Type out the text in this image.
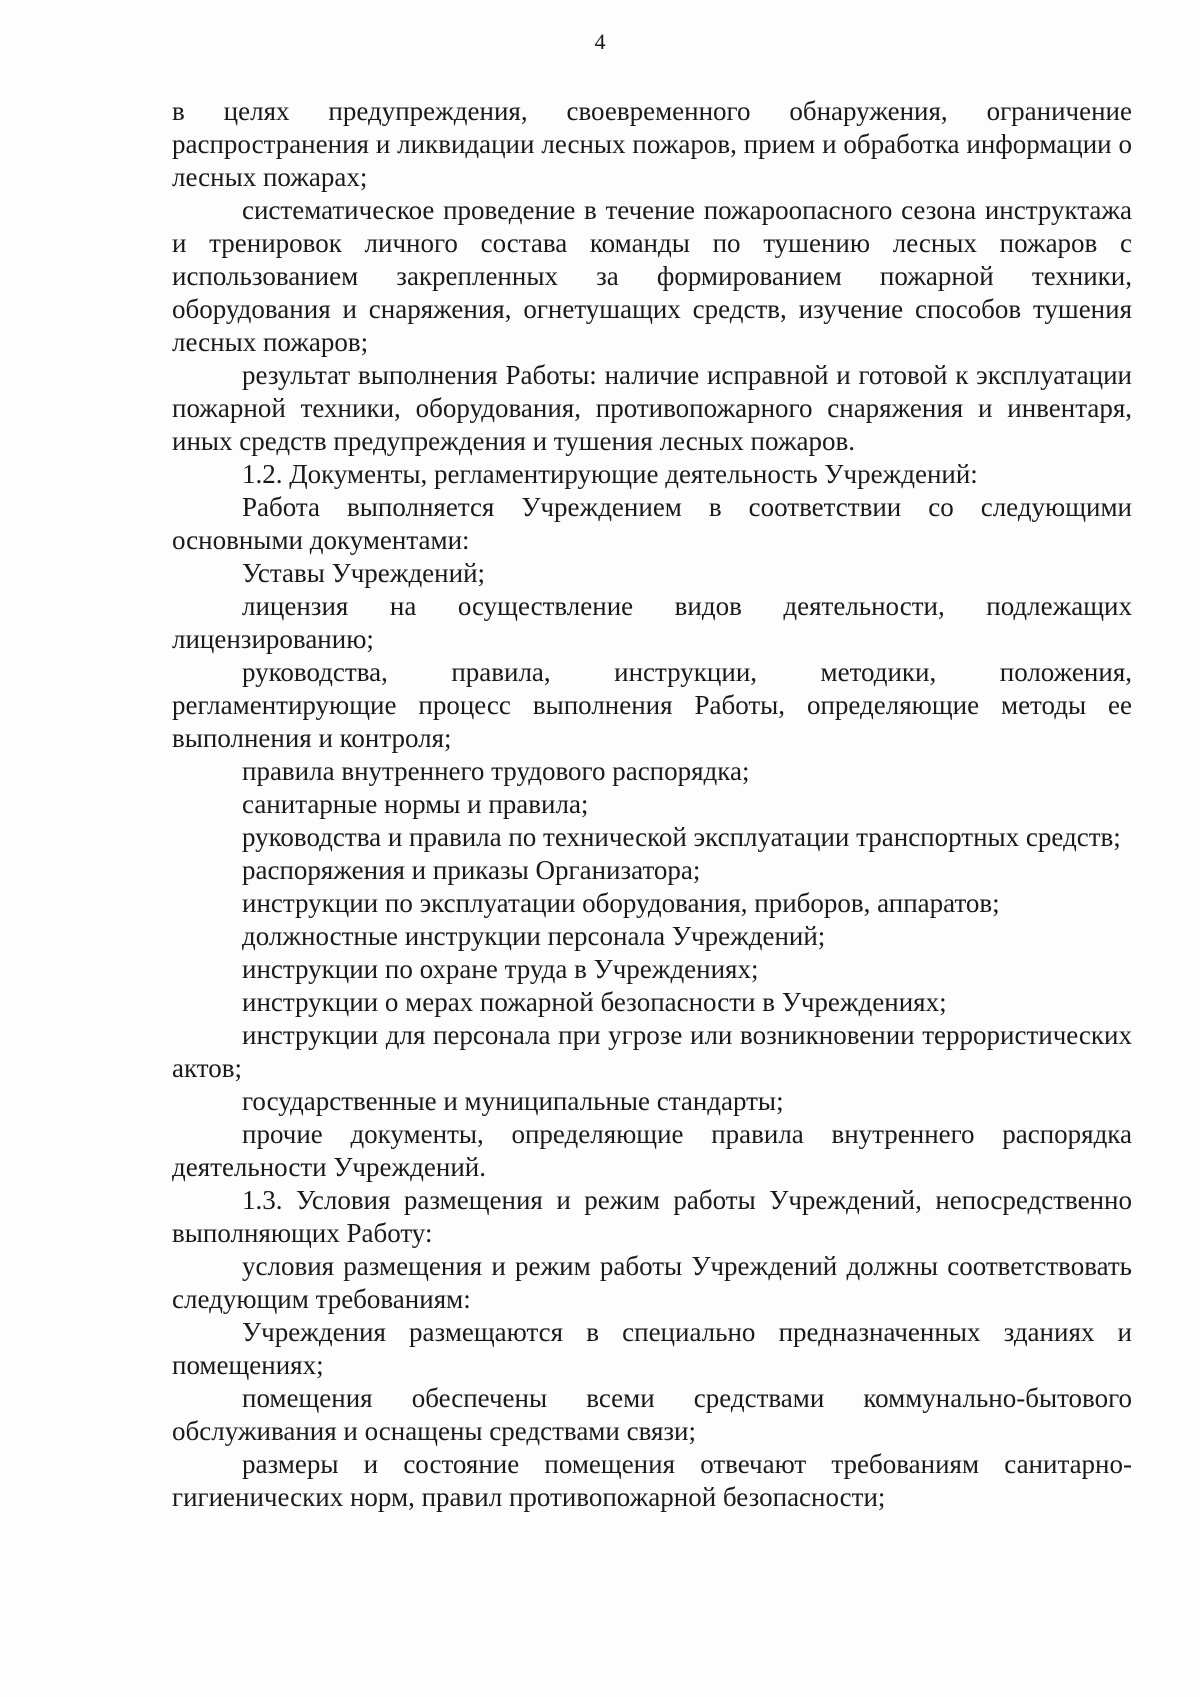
4

в целях предупреждения, своевременного обнаружения, ограничение распространения и ликвидации лесных пожаров, прием и обработка информации о лесных пожарах;

систематическое проведение в течение пожароопасного сезона инструктажа и тренировок личного состава команды по тушению лесных пожаров с использованием закрепленных за формированием пожарной техники, оборудования и снаряжения, огнетушащих средств, изучение способов тушения лесных пожаров;

результат выполнения Работы: наличие исправной и готовой к эксплуатации пожарной техники, оборудования, противопожарного снаряжения и инвентаря, иных средств предупреждения и тушения лесных пожаров.

1.2. Документы, регламентирующие деятельность Учреждений:

Работа выполняется Учреждением в соответствии со следующими основными документами:

Уставы Учреждений;

лицензия на осуществление видов деятельности, подлежащих лицензированию;

руководства, правила, инструкции, методики, положения, регламентирующие процесс выполнения Работы, определяющие методы ее выполнения и контроля;

правила внутреннего трудового распорядка;

санитарные нормы и правила;

руководства и правила по технической эксплуатации транспортных средств;

распоряжения и приказы Организатора;

инструкции по эксплуатации оборудования, приборов, аппаратов;

должностные инструкции персонала Учреждений;

инструкции по охране труда в Учреждениях;

инструкции о мерах пожарной безопасности в Учреждениях;

инструкции для персонала при угрозе или возникновении террористических актов;

государственные и муниципальные стандарты;

прочие документы, определяющие правила внутреннего распорядка деятельности Учреждений.

1.3. Условия размещения и режим работы Учреждений, непосредственно выполняющих Работу:

условия размещения и режим работы Учреждений должны соответствовать следующим требованиям:

Учреждения размещаются в специально предназначенных зданиях и помещениях;

помещения обеспечены всеми средствами коммунально-бытового обслуживания и оснащены средствами связи;

размеры и состояние помещения отвечают требованиям санитарно-гигиенических норм, правил противопожарной безопасности;
